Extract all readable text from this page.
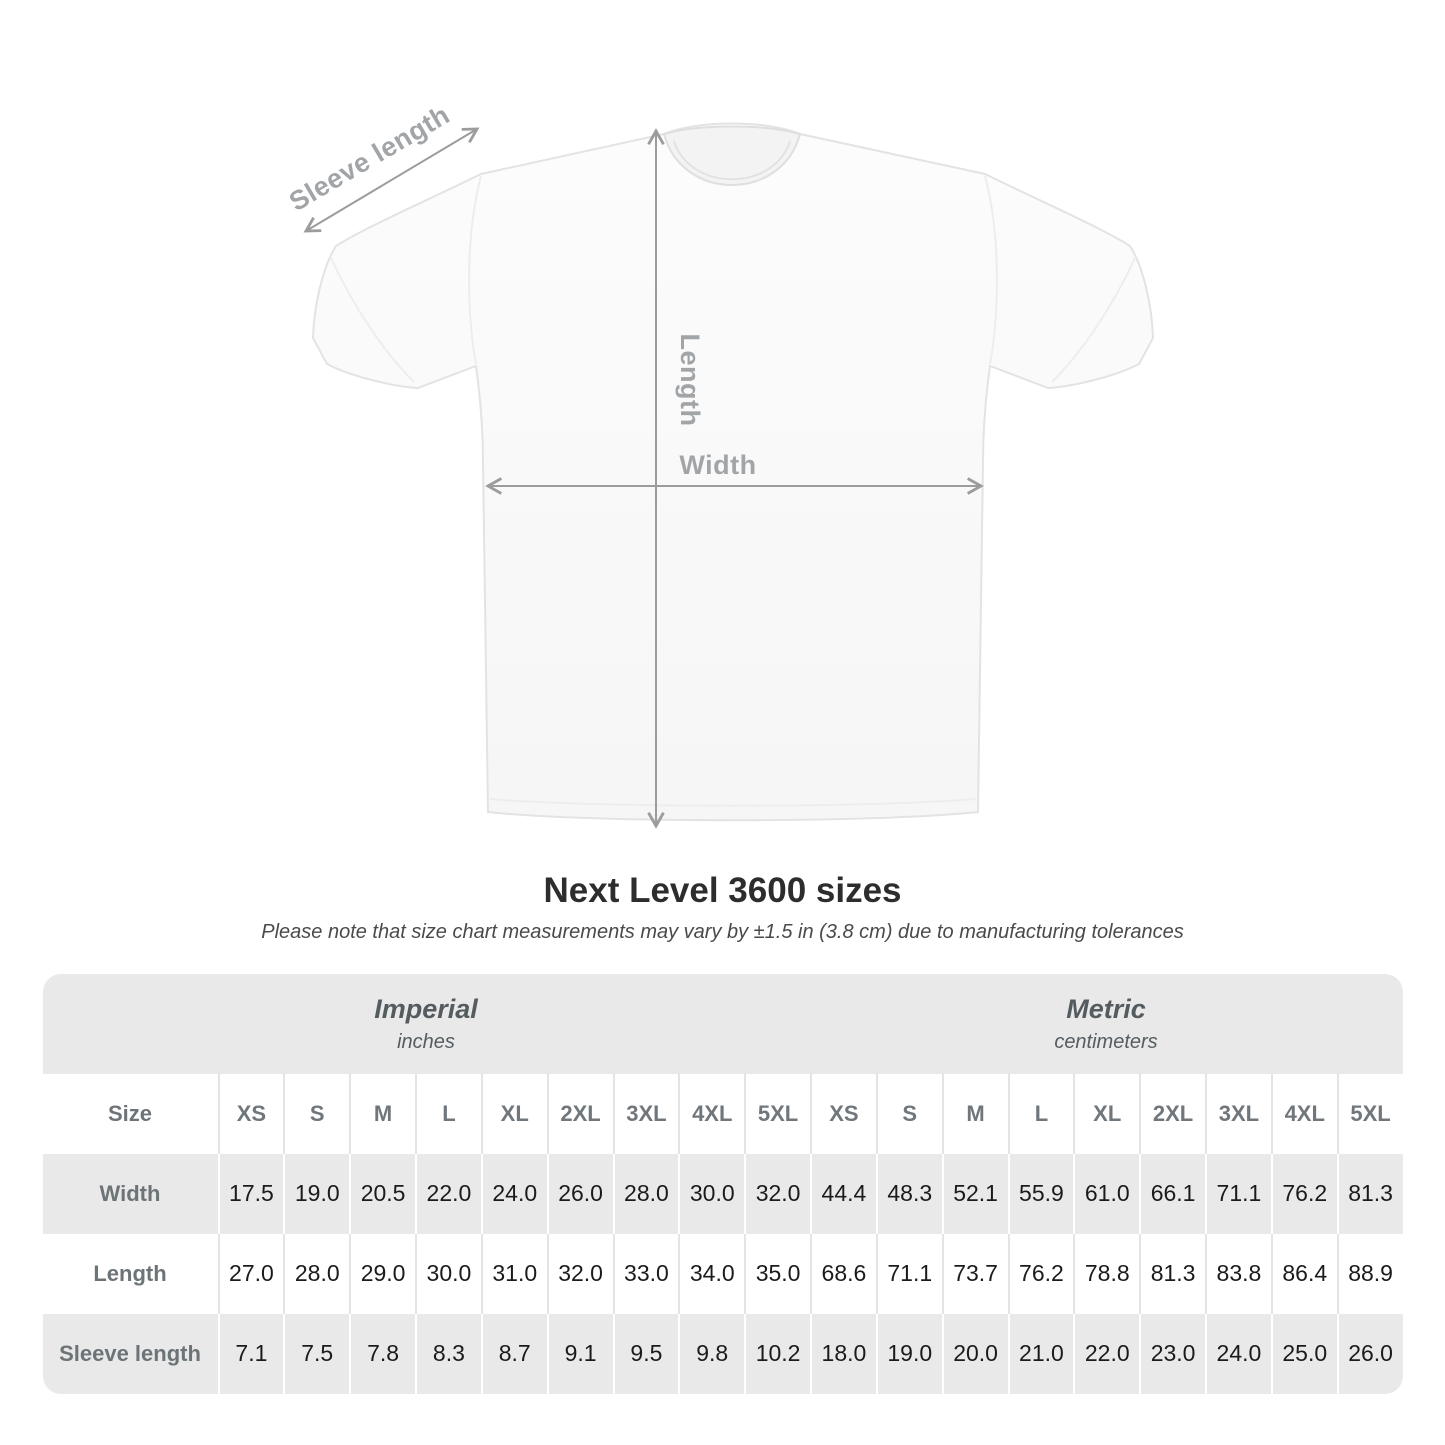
Sleeve length
Length
Width
Next Level 3600 sizes
Please note that size chart measurements may vary by ±1.5 in (3.8 cm) due to manufacturing tolerances
Imperial
inches
Metric
centimeters
Size	XS	S	M	L	XL	2XL	3XL	4XL	5XL	XS	S	M	L	XL	2XL	3XL	4XL	5XL
Width	17.5 19.0 20.5 22.0 24.0 26.0 28.0 30.0 32.0 44.4 48.3 52.1 55.9 61.0 66.1 71.1 76.2 81.3
Length	27.0 28.0 29.0 30.0 31.0 32.0 33.0 34.0 35.0 68.6 71.1 73.7 76.2 78.8 81.3 83.8 86.4 88.9
Sleeve length	7.1	7.5	7.8	8.3	8.7	9.1	9.5	9.8	10.2 18.0 19.0 20.0 21.0 22.0 23.0 24.0 25.0 26.0
